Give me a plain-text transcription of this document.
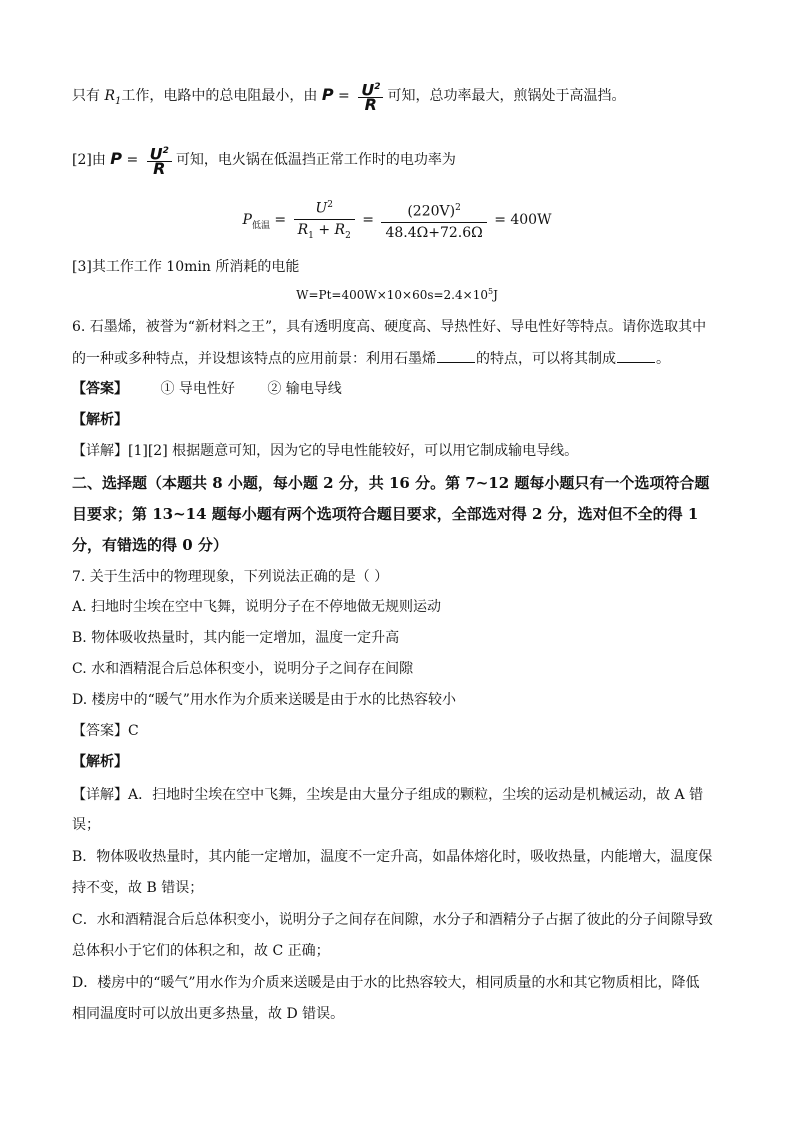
只有 $R_1$工作，电路中的总电阻最小，由 $P = \frac{U^2}{R}$ 可知，总功率最大，煎锅处于高温挡。
[2]由 $P = \frac{U^2}{R}$ 可知，电火锅在低温挡正常工作时的电功率为
$P_{低温} = \frac{U^2}{R_1 + R_2} = \frac{(220V)^2}{48.4\Omega+72.6\Omega} = 400W$
[3]其工作工作 10min 所消耗的电能
$W=Pt=400W\times 10\times 60s=2.4\times 10^5J$
6. 石墨烯，被誉为“新材料之王”，具有透明度高、硬度高、导热性好、导电性好等特点。请你选取其中
的一种或多种特点，并设想该特点的应用前景：利用石墨烯	的特点，可以将其制成	。
【答案】 ① 导电性好 ② 输电导线
【解析】
【详解】[1][2] 根据题意可知，因为它的导电性能较好，可以用它制成输电导线。
二、选择题（本题共 8 小题，每小题 2 分，共 16 分。第 7~12 题每小题只有一个选项符合题
目要求；第 13~14 题每小题有两个选项符合题目要求，全部选对得 2 分，选对但不全的得 1
分，有错选的得 0 分）
7. 关于生活中的物理现象，下列说法正确的是（ ）
A. 扫地时尘埃在空中飞舞，说明分子在不停地做无规则运动
B. 物体吸收热量时，其内能一定增加，温度一定升高
C. 水和酒精混合后总体积变小，说明分子之间存在间隙
D. 楼房中的“暖气”用水作为介质来送暖是由于水的比热容较小
【答案】C
【解析】
【详解】A．扫地时尘埃在空中飞舞，尘埃是由大量分子组成的颗粒，尘埃的运动是机械运动，故 A 错
误；
B．物体吸收热量时，其内能一定增加，温度不一定升高，如晶体熔化时，吸收热量，内能增大，温度保
持不变，故 B 错误；
C．水和酒精混合后总体积变小，说明分子之间存在间隙，水分子和酒精分子占据了彼此的分子间隙导致
总体积小于它们的体积之和，故 C 正确；
D．楼房中的“暖气”用水作为介质来送暖是由于水的比热容较大，相同质量的水和其它物质相比，降低
相同温度时可以放出更多热量，故 D 错误。
